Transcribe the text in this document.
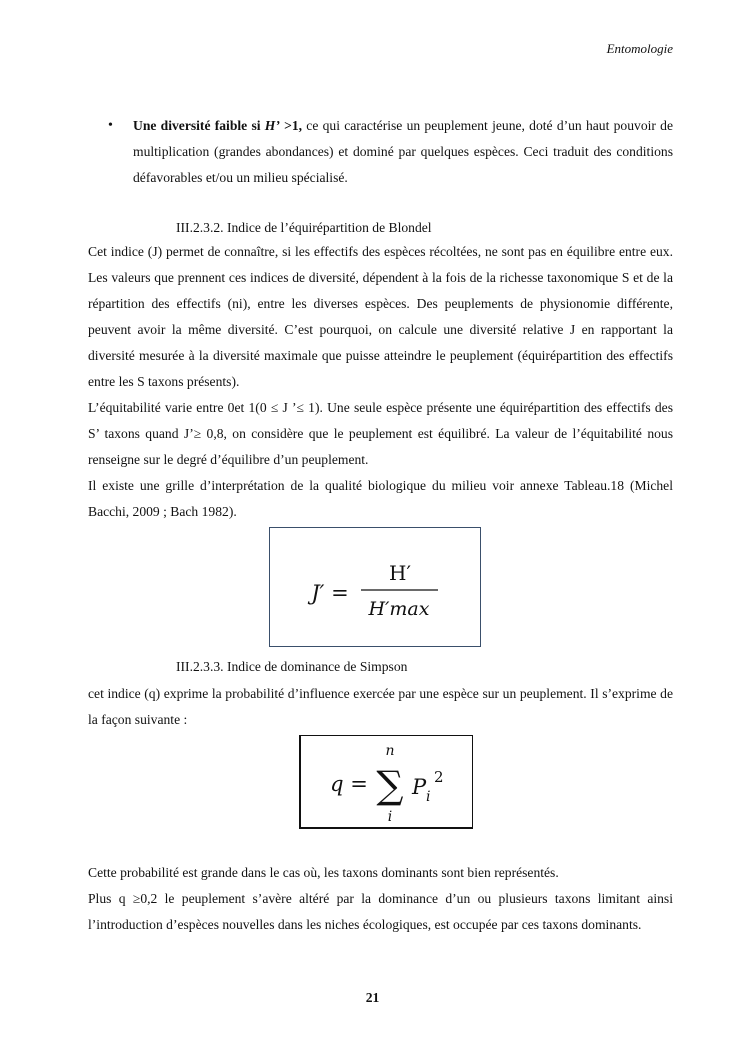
Entomologie
• Une diversité faible si H’ >1, ce qui caractérise un peuplement jeune, doté d’un haut pouvoir de multiplication (grandes abondances) et dominé par quelques espèces. Ceci traduit des conditions défavorables et/ou un milieu spécialisé.
III.2.3.2. Indice de l’équirépartition de Blondel

Cet indice (J) permet de connaître, si les effectifs des espèces récoltées, ne sont pas en équilibre entre eux. Les valeurs que prennent ces indices de diversité, dépendent à la fois de la richesse taxonomique S et de la répartition des effectifs (ni), entre les diverses espèces. Des peuplements de physionomie différente, peuvent avoir la même diversité. C’est pourquoi, on calcule une diversité relative J en rapportant la diversité mesurée à la diversité maximale que puisse atteindre le peuplement (équirépartition des effectifs entre les S taxons présents).

L’équitabilité varie entre 0et 1(0 ≤ J ’≤ 1). Une seule espèce présente une équirépartition des effectifs des S’ taxons quand J’≥ 0,8, on considère que le peuplement est équilibré. La valeur de l’équitabilité nous renseigne sur le degré d’équilibre d’un peuplement.

Il existe une grille d’interprétation de la qualité biologique du milieu voir annexe Tableau.18 (Michel Bacchi, 2009 ; Bach 1982).

J′ =
H′
H′max
III.2.3.3. Indice de dominance de Simpson

cet indice (q) exprime la probabilité d’influence exercée par une espèce sur un peuplement. Il s’exprime de la façon suivante :

q =
n
∑
i
P i
2

Cette probabilité est grande dans le cas où, les taxons dominants sont bien représentés.

Plus q ≥0,2 le peuplement s’avère altéré par la dominance d’un ou plusieurs taxons limitant ainsi l’introduction d’espèces nouvelles dans les niches écologiques, est occupée par ces taxons dominants.

21
